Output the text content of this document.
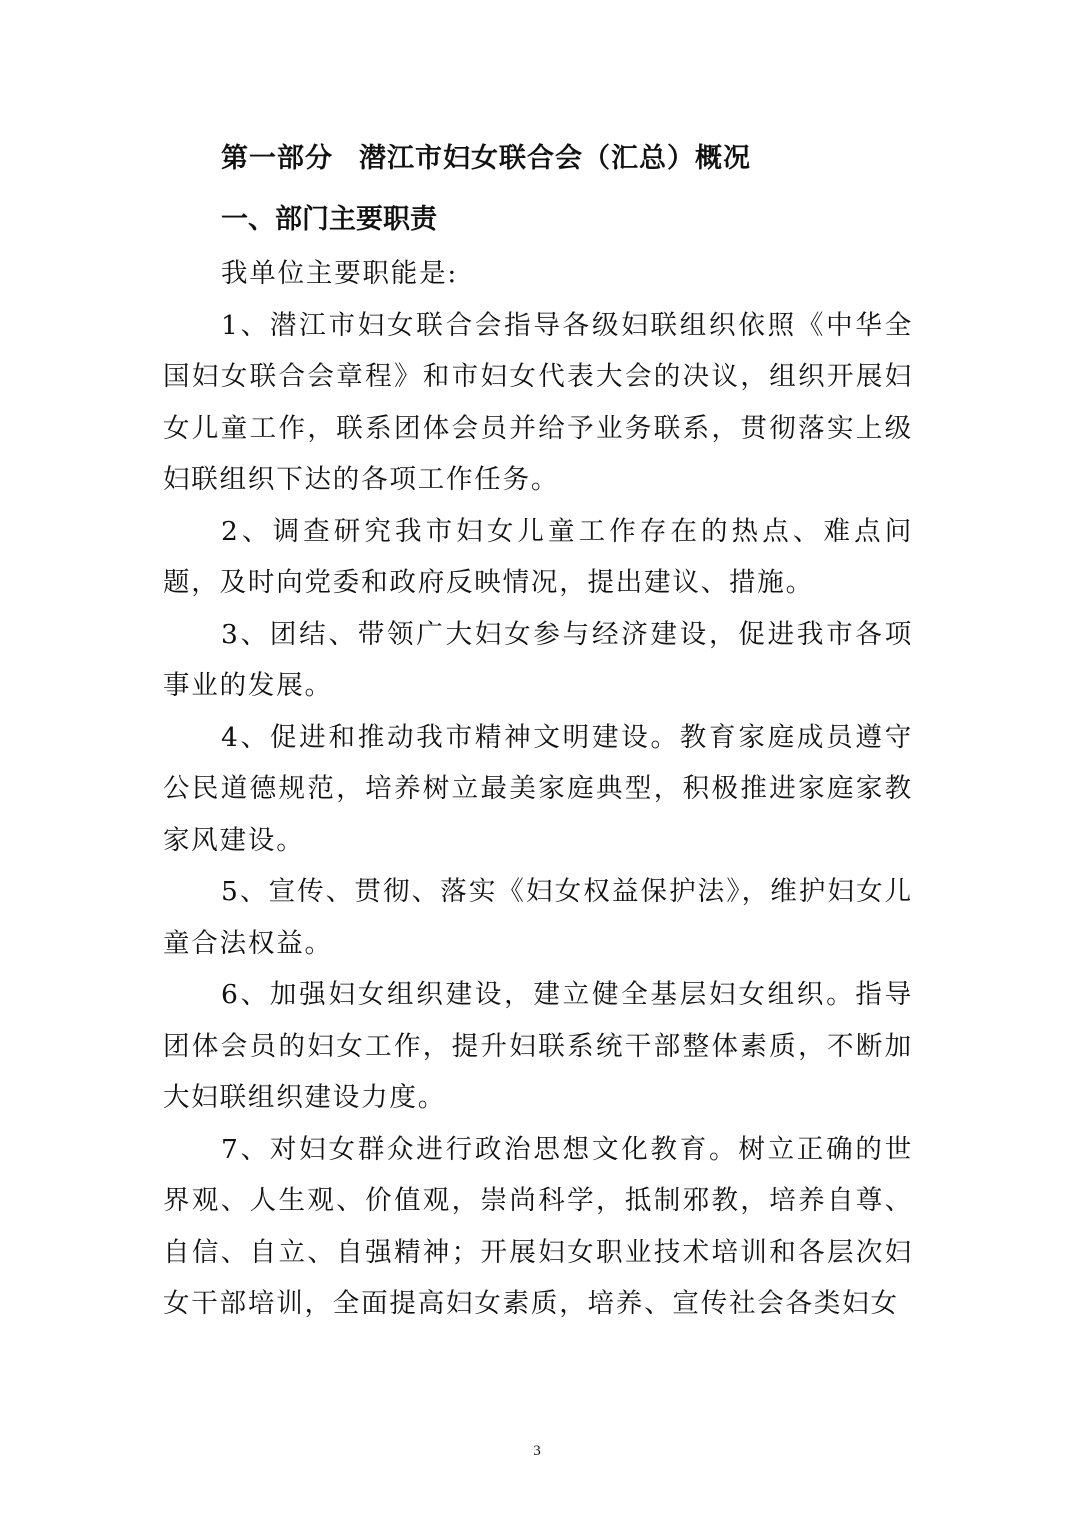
第一部分 潜江市妇女联合会（汇总）概况
一、部门主要职责

我单位主要职能是:

1、潜江市妇女联合会指导各级妇联组织依照《中华全国妇女联合会章程》和市妇女代表大会的决议，组织开展妇女儿童工作，联系团体会员并给予业务联系，贯彻落实上级妇联组织下达的各项工作任务。

2、调查研究我市妇女儿童工作存在的热点、难点问题，及时向党委和政府反映情况，提出建议、措施。

3、团结、带领广大妇女参与经济建设，促进我市各项事业的发展。

4、促进和推动我市精神文明建设。教育家庭成员遵守公民道德规范，培养树立最美家庭典型，积极推进家庭家教家风建设。

5、宣传、贯彻、落实《妇女权益保护法》，维护妇女儿童合法权益。

6、加强妇女组织建设，建立健全基层妇女组织。指导团体会员的妇女工作，提升妇联系统干部整体素质，不断加大妇联组织建设力度。

7、对妇女群众进行政治思想文化教育。树立正确的世界观、人生观、价值观，崇尚科学，抵制邪教，培养自尊、自信、自立、自强精神；开展妇女职业技术培训和各层次妇女干部培训，全面提高妇女素质，培养、宣传社会各类妇女

3
